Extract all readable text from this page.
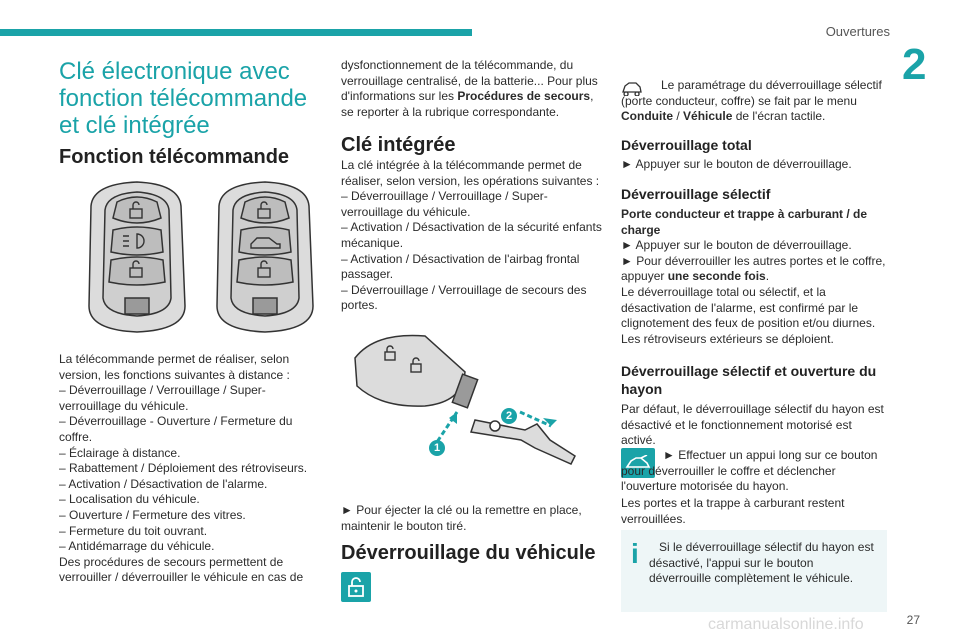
Ouvertures
2
Clé électronique avec fonction télécommande et clé intégrée
Fonction télécommande

La télécommande permet de réaliser, selon version, les fonctions suivantes à distance :

– Déverrouillage / Verrouillage / Super-verrouillage du véhicule.

– Déverrouillage - Ouverture / Fermeture du coffre.

– Éclairage à distance.

– Rabattement / Déploiement des rétroviseurs.

– Activation / Désactivation de l'alarme.

– Localisation du véhicule.

– Ouverture / Fermeture des vitres.

– Fermeture du toit ouvrant.

– Antidémarrage du véhicule.

Des procédures de secours permettent de verrouiller / déverrouiller le véhicule en cas de

dysfonctionnement de la télécommande, du verrouillage centralisé, de la batterie... Pour plus d'informations sur les Procédures de secours, se reporter à la rubrique correspondante.

Clé intégrée

La clé intégrée à la télécommande permet de réaliser, selon version, les opérations suivantes :

– Déverrouillage / Verrouillage / Super-verrouillage du véhicule.

– Activation / Désactivation de la sécurité enfants mécanique.

– Activation / Désactivation de l'airbag frontal passager.

– Déverrouillage / Verrouillage de secours des portes.

2
1

► Pour éjecter la clé ou la remettre en place, maintenir le bouton tiré.

Déverrouillage du véhicule

Le paramétrage du déverrouillage sélectif (porte conducteur, coffre) se fait par le menu Conduite / Véhicule de l'écran tactile.

Déverrouillage total

► Appuyer sur le bouton de déverrouillage.

Déverrouillage sélectif

Porte conducteur et trappe à carburant / de charge

► Appuyer sur le bouton de déverrouillage.

► Pour déverrouiller les autres portes et le coffre, appuyer une seconde fois.

Le déverrouillage total ou sélectif, et la désactivation de l'alarme, est confirmé par le clignotement des feux de position et/ou diurnes. Les rétroviseurs extérieurs se déploient.

Déverrouillage sélectif et ouverture du hayon

Par défaut, le déverrouillage sélectif du hayon est désactivé et le fonctionnement motorisé est activé.

► Effectuer un appui long sur ce bouton pour déverrouiller le coffre et déclencher l'ouverture motorisée du hayon.

Les portes et la trappe à carburant restent verrouillées.

i	Si le déverrouillage sélectif du hayon est désactivé, l'appui sur le bouton déverrouille complètement le véhicule.

carmanualsonline.info	27
